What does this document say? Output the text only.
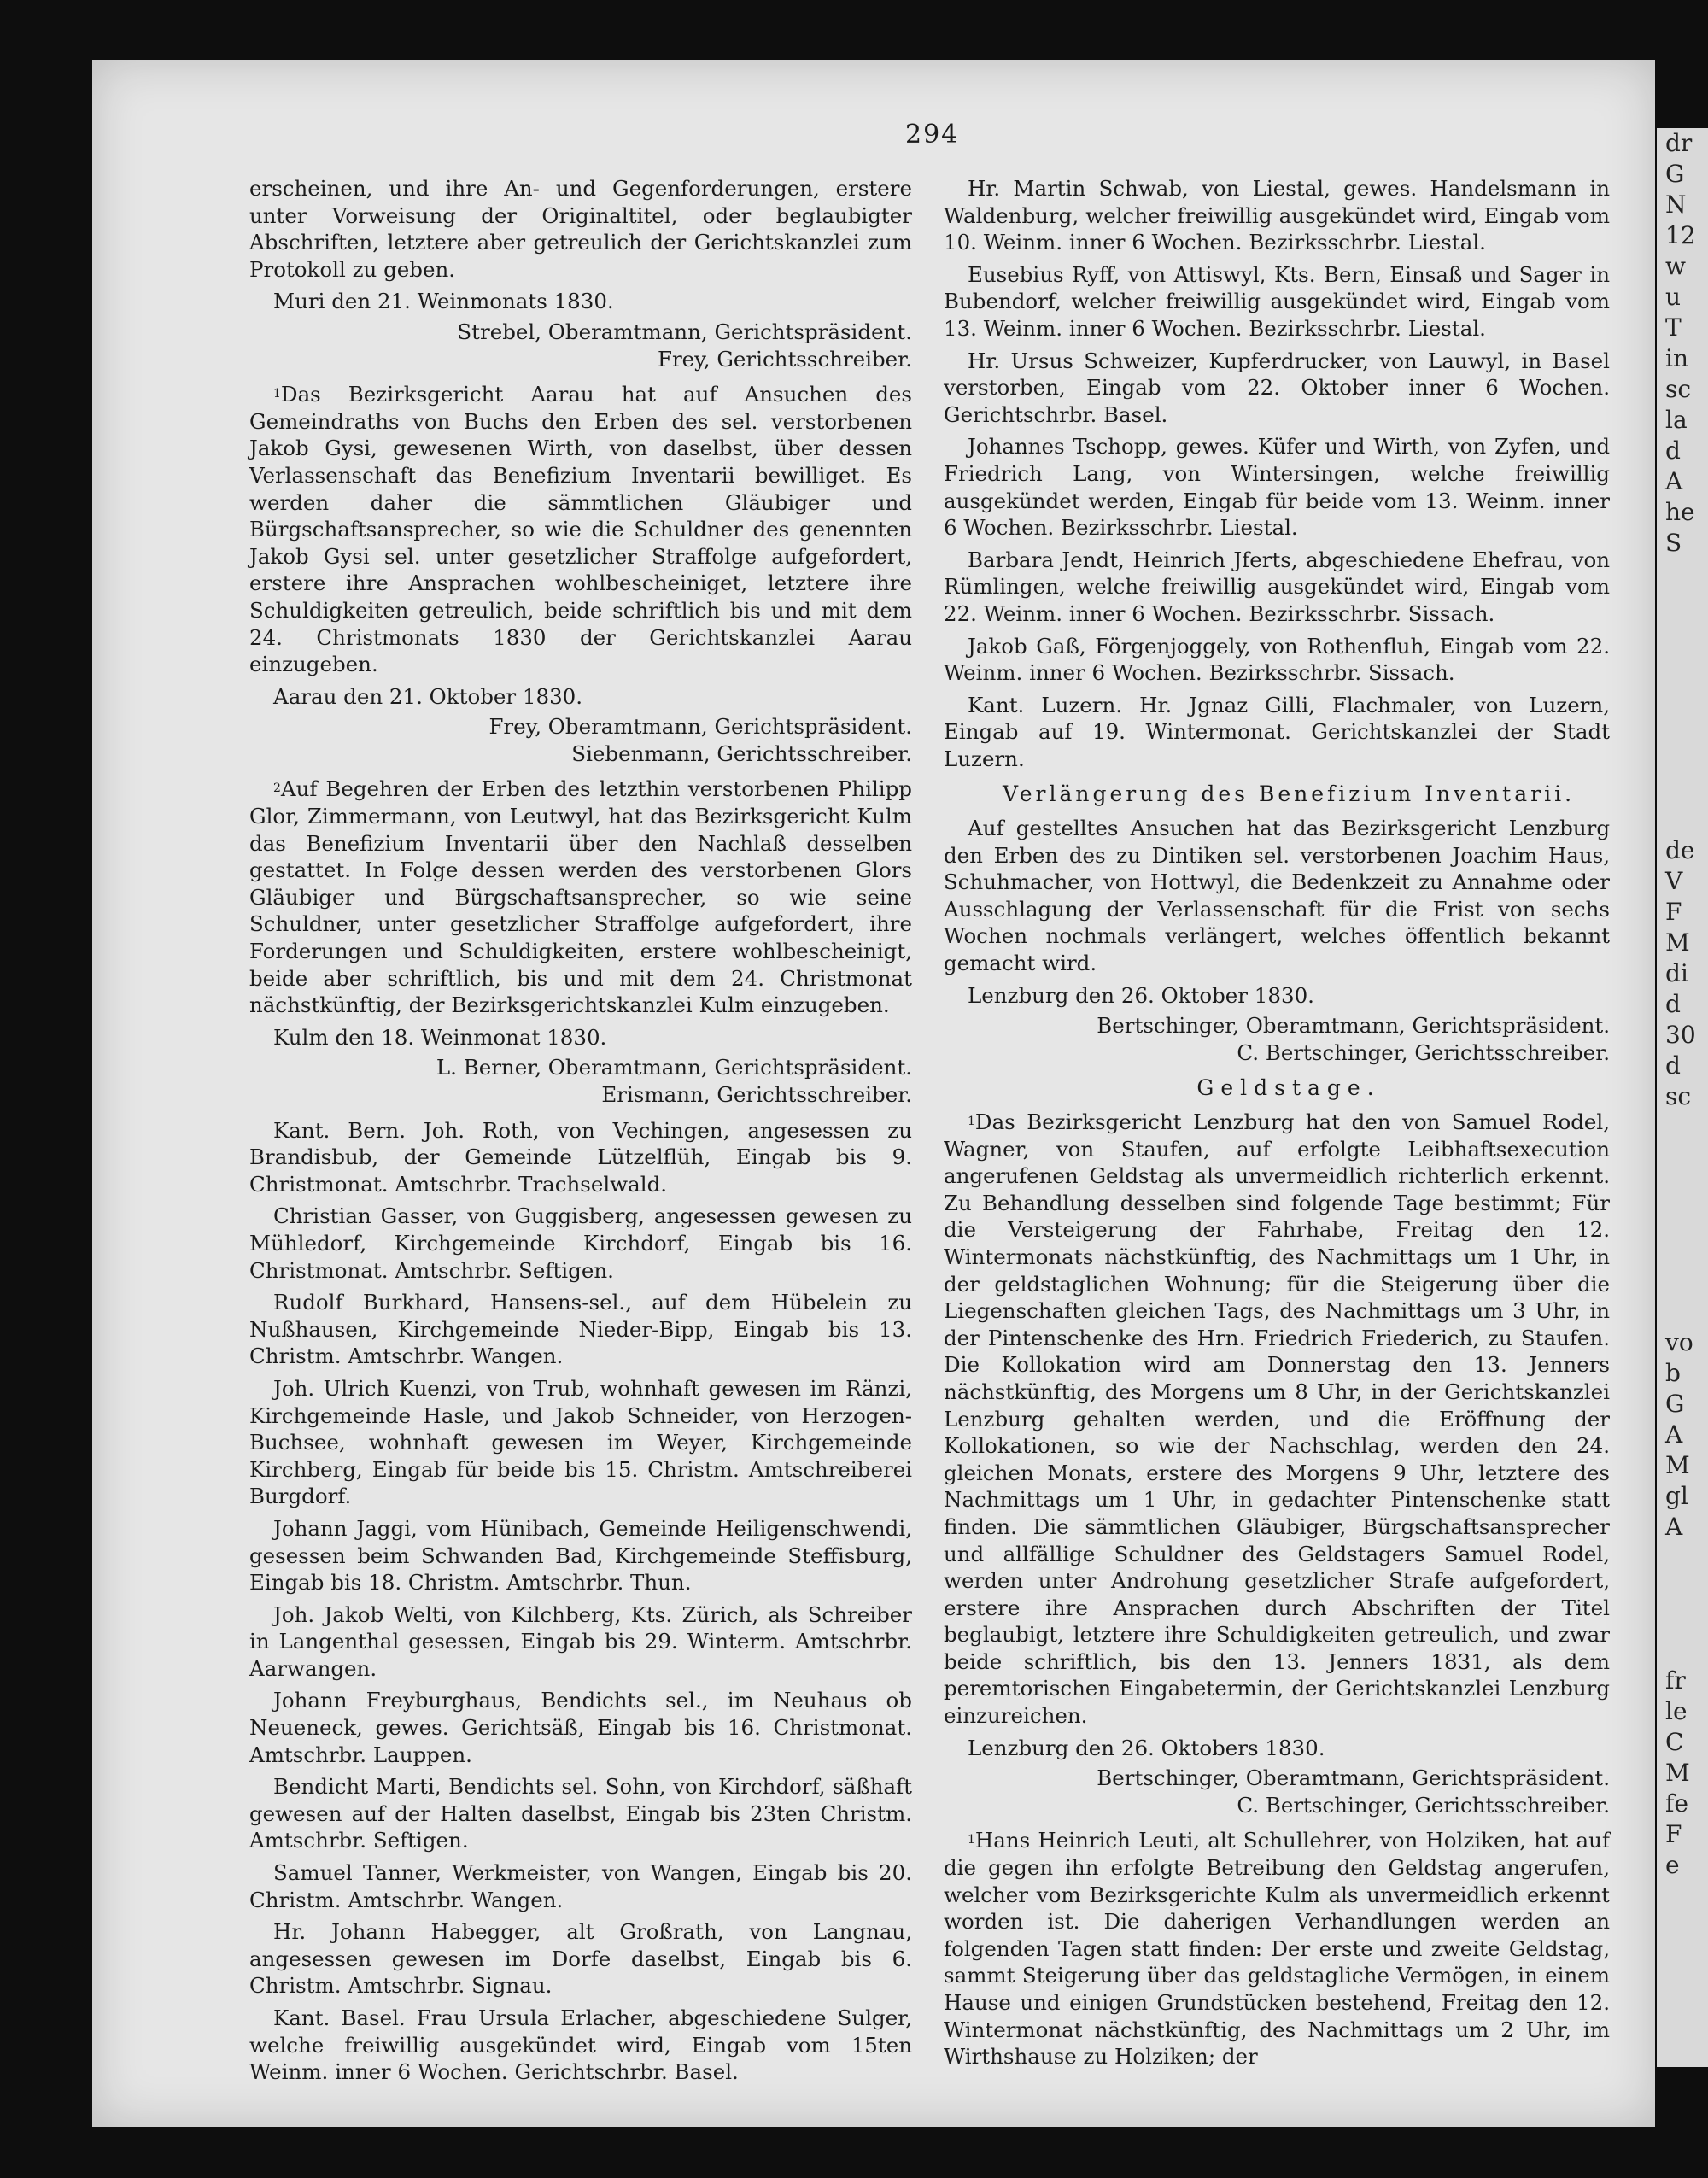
dr
G
N
12
w
u
T
in
sc
la
d
A
he
S

de
V
F
M
di
d
30
d
sc

vo
b
G
A
M
gl
A

fr
le
C
M
fe
F
e
294

erscheinen, und ihre An- und Gegenforderungen, erstere unter Vorweisung der Originaltitel, oder beglaubigter Abschriften, letztere aber getreulich der Gerichtskanzlei zum Protokoll zu geben.

Muri den 21. Weinmonats 1830.

Strebel, Oberamtmann, Gerichtspräsident.

Frey, Gerichtsschreiber.

$^1$Das Bezirksgericht Aarau hat auf Ansuchen des Gemeindraths von Buchs den Erben des sel. verstorbenen Jakob Gysi, gewesenen Wirth, von daselbst, über dessen Verlassenschaft das Benefizium Inventarii bewilliget. Es werden daher die sämmtlichen Gläubiger und Bürgschaftsansprecher, so wie die Schuldner des genennten Jakob Gysi sel. unter gesetzlicher Straffolge aufgefordert, erstere ihre Ansprachen wohlbescheiniget, letztere ihre Schuldigkeiten getreulich, beide schriftlich bis und mit dem 24. Christmonats 1830 der Gerichtskanzlei Aarau einzugeben.

Aarau den 21. Oktober 1830.

Frey, Oberamtmann, Gerichtspräsident.

Siebenmann, Gerichtsschreiber.

$^2$Auf Begehren der Erben des letzthin verstorbenen Philipp Glor, Zimmermann, von Leutwyl, hat das Bezirksgericht Kulm das Benefizium Inventarii über den Nachlaß desselben gestattet. In Folge dessen werden des verstorbenen Glors Gläubiger und Bürgschaftsansprecher, so wie seine Schuldner, unter gesetzlicher Straffolge aufgefordert, ihre Forderungen und Schuldigkeiten, erstere wohlbescheinigt, beide aber schriftlich, bis und mit dem 24. Christmonat nächstkünftig, der Bezirksgerichtskanzlei Kulm einzugeben.

Kulm den 18. Weinmonat 1830.

L. Berner, Oberamtmann, Gerichtspräsident.

Erismann, Gerichtsschreiber.

Kant. Bern. Joh. Roth, von Vechingen, angesessen zu Brandisbub, der Gemeinde Lützelflüh, Eingab bis 9. Christmonat. Amtschrbr. Trachselwald.

Christian Gasser, von Guggisberg, angesessen gewesen zu Mühledorf, Kirchgemeinde Kirchdorf, Eingab bis 16. Christmonat. Amtschrbr. Seftigen.

Rudolf Burkhard, Hansens-sel., auf dem Hübelein zu Nußhausen, Kirchgemeinde Nieder-Bipp, Eingab bis 13. Christm. Amtschrbr. Wangen.

Joh. Ulrich Kuenzi, von Trub, wohnhaft gewesen im Ränzi, Kirchgemeinde Hasle, und Jakob Schneider, von Herzogen-Buchsee, wohnhaft gewesen im Weyer, Kirchgemeinde Kirchberg, Eingab für beide bis 15. Christm. Amtschreiberei Burgdorf.

Johann Jaggi, vom Hünibach, Gemeinde Heiligenschwendi, gesessen beim Schwanden Bad, Kirchgemeinde Steffisburg, Eingab bis 18. Christm. Amtschrbr. Thun.

Joh. Jakob Welti, von Kilchberg, Kts. Zürich, als Schreiber in Langenthal gesessen, Eingab bis 29. Winterm. Amtschrbr. Aarwangen.

Johann Freyburghaus, Bendichts sel., im Neuhaus ob Neueneck, gewes. Gerichtsäß, Eingab bis 16. Christmonat. Amtschrbr. Lauppen.

Bendicht Marti, Bendichts sel. Sohn, von Kirchdorf, säßhaft gewesen auf der Halten daselbst, Eingab bis 23ten Christm. Amtschrbr. Seftigen.

Samuel Tanner, Werkmeister, von Wangen, Eingab bis 20. Christm. Amtschrbr. Wangen.

Hr. Johann Habegger, alt Großrath, von Langnau, angesessen gewesen im Dorfe daselbst, Eingab bis 6. Christm. Amtschrbr. Signau.

Kant. Basel. Frau Ursula Erlacher, abgeschiedene Sulger, welche freiwillig ausgekündet wird, Eingab vom 15ten Weinm. inner 6 Wochen. Gerichtschrbr. Basel.

Hr. Martin Schwab, von Liestal, gewes. Handelsmann in Waldenburg, welcher freiwillig ausgekündet wird, Eingab vom 10. Weinm. inner 6 Wochen. Bezirksschrbr. Liestal.

Eusebius Ryff, von Attiswyl, Kts. Bern, Einsaß und Sager in Bubendorf, welcher freiwillig ausgekündet wird, Eingab vom 13. Weinm. inner 6 Wochen. Bezirksschrbr. Liestal.

Hr. Ursus Schweizer, Kupferdrucker, von Lauwyl, in Basel verstorben, Eingab vom 22. Oktober inner 6 Wochen. Gerichtschrbr. Basel.

Johannes Tschopp, gewes. Küfer und Wirth, von Zyfen, und Friedrich Lang, von Wintersingen, welche freiwillig ausgekündet werden, Eingab für beide vom 13. Weinm. inner 6 Wochen. Bezirksschrbr. Liestal.

Barbara Jendt, Heinrich Jferts, abgeschiedene Ehefrau, von Rümlingen, welche freiwillig ausgekündet wird, Eingab vom 22. Weinm. inner 6 Wochen. Bezirksschrbr. Sissach.

Jakob Gaß, Förgenjoggely, von Rothenfluh, Eingab vom 22. Weinm. inner 6 Wochen. Bezirksschrbr. Sissach.

Kant. Luzern. Hr. Jgnaz Gilli, Flachmaler, von Luzern, Eingab auf 19. Wintermonat. Gerichtskanzlei der Stadt Luzern.

Verlängerung des Benefizium Inventarii.

Auf gestelltes Ansuchen hat das Bezirksgericht Lenzburg den Erben des zu Dintiken sel. verstorbenen Joachim Haus, Schuhmacher, von Hottwyl, die Bedenkzeit zu Annahme oder Ausschlagung der Verlassenschaft für die Frist von sechs Wochen nochmals verlängert, welches öffentlich bekannt gemacht wird.

Lenzburg den 26. Oktober 1830.

Bertschinger, Oberamtmann, Gerichtspräsident.

C. Bertschinger, Gerichtsschreiber.

Geldstage.

$^1$Das Bezirksgericht Lenzburg hat den von Samuel Rodel, Wagner, von Staufen, auf erfolgte Leibhaftsexecution angerufenen Geldstag als unvermeidlich richterlich erkennt. Zu Behandlung desselben sind folgende Tage bestimmt; Für die Versteigerung der Fahrhabe, Freitag den 12. Wintermonats nächstkünftig, des Nachmittags um 1 Uhr, in der geldstaglichen Wohnung; für die Steigerung über die Liegenschaften gleichen Tags, des Nachmittags um 3 Uhr, in der Pintenschenke des Hrn. Friedrich Friederich, zu Staufen. Die Kollokation wird am Donnerstag den 13. Jenners nächstkünftig, des Morgens um 8 Uhr, in der Gerichtskanzlei Lenzburg gehalten werden, und die Eröffnung der Kollokationen, so wie der Nachschlag, werden den 24. gleichen Monats, erstere des Morgens 9 Uhr, letztere des Nachmittags um 1 Uhr, in gedachter Pintenschenke statt finden. Die sämmtlichen Gläubiger, Bürgschaftsansprecher und allfällige Schuldner des Geldstagers Samuel Rodel, werden unter Androhung gesetzlicher Strafe aufgefordert, erstere ihre Ansprachen durch Abschriften der Titel beglaubigt, letztere ihre Schuldigkeiten getreulich, und zwar beide schriftlich, bis den 13. Jenners 1831, als dem peremtorischen Eingabetermin, der Gerichtskanzlei Lenzburg einzureichen.

Lenzburg den 26. Oktobers 1830.

Bertschinger, Oberamtmann, Gerichtspräsident.

C. Bertschinger, Gerichtsschreiber.

$^1$Hans Heinrich Leuti, alt Schullehrer, von Holziken, hat auf die gegen ihn erfolgte Betreibung den Geldstag angerufen, welcher vom Bezirksgerichte Kulm als unvermeidlich erkennt worden ist. Die daherigen Verhandlungen werden an folgenden Tagen statt finden: Der erste und zweite Geldstag, sammt Steigerung über das geldstagliche Vermögen, in einem Hause und einigen Grundstücken bestehend, Freitag den 12. Wintermonat nächstkünftig, des Nachmittags um 2 Uhr, im Wirthshause zu Holziken; der
